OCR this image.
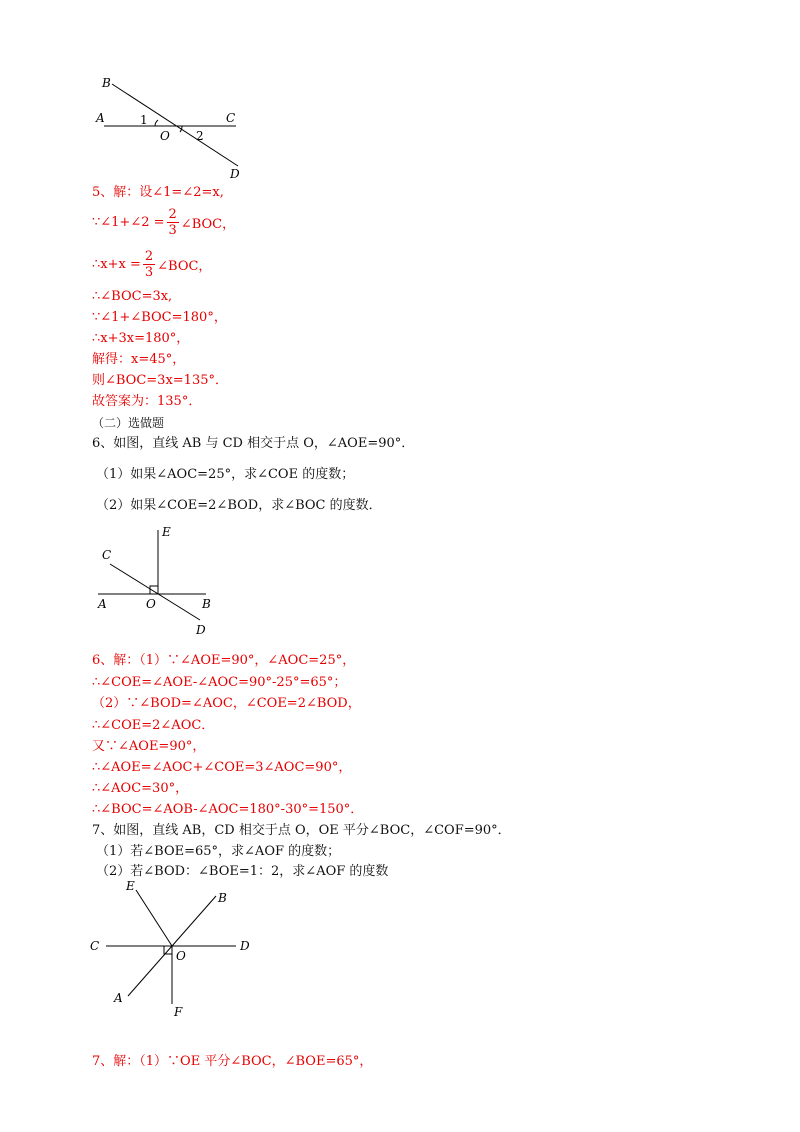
B
A	1	C
O 2
D
5、解：设∠1=∠2=x,
∵∠1+∠2 = $\frac{2}{3}$ ∠BOC，
∴x+x = $\frac{2}{3}$ ∠BOC，
∴∠BOC=3x,
∵∠1+∠BOC=180°，
∴x+3x=180°，
解得：x=45°，
则∠BOC=3x=135°．
故答案为：135°．
（二）选做题
6、如图，直线 AB 与 CD 相交于点 O，∠AOE=90°．
（1）如果∠AOC=25°，求∠COE 的度数；
（2）如果∠COE=2∠BOD，求∠BOC 的度数．
E
C
A	O	B
D
6、解：（1）∵∠AOE=90°，∠AOC=25°，
∴∠COE=∠AOE-∠AOC=90°-25°=65°；
（2）∵∠BOD=∠AOC，∠COE=2∠BOD，
∴∠COE=2∠AOC．
又∵∠AOE=90°，
∴∠AOE=∠AOC+∠COE=3∠AOC=90°，
∴∠AOC=30°，
∴∠BOC=∠AOB-∠AOC=180°-30°=150°．
7、如图，直线 AB，CD 相交于点 O，OE 平分∠BOC，∠COF=90°．
（1）若∠BOE=65°，求∠AOF 的度数；
（2）若∠BOD：∠BOE=1：2，求∠AOF 的度数
E
B
C
O
D
A
F
7、解：（1）∵OE 平分∠BOC，∠BOE=65°，
